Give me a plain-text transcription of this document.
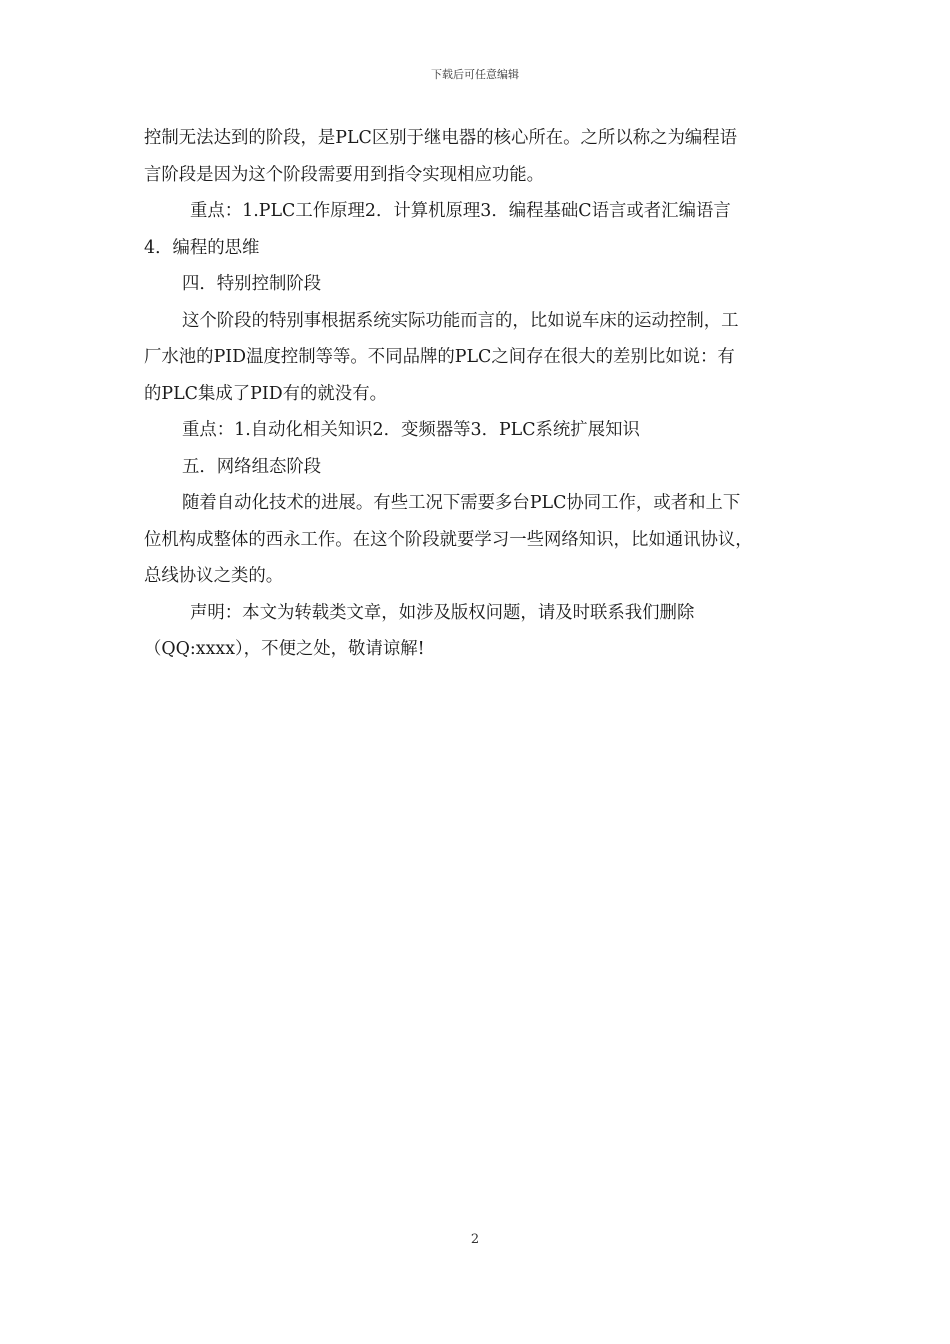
下载后可任意编辑
控制无法达到的阶段，是PLC区别于继电器的核心所在。之所以称之为编程语
言阶段是因为这个阶段需要用到指令实现相应功能。
重点：1.PLC工作原理2．计算机原理3．编程基础C语言或者汇编语言
4．编程的思维
四．特别控制阶段
这个阶段的特别事根据系统实际功能而言的，比如说车床的运动控制，工
厂水池的PID温度控制等等。不同品牌的PLC之间存在很大的差别比如说：有
的PLC集成了PID有的就没有。
重点：1.自动化相关知识2．变频器等3．PLC系统扩展知识
五．网络组态阶段
随着自动化技术的进展。有些工况下需要多台PLC协同工作，或者和上下
位机构成整体的西永工作。在这个阶段就要学习一些网络知识，比如通讯协议，
总线协议之类的。
声明：本文为转载类文章，如涉及版权问题，请及时联系我们删除
（QQ:xxxx），不便之处，敬请谅解!
2
